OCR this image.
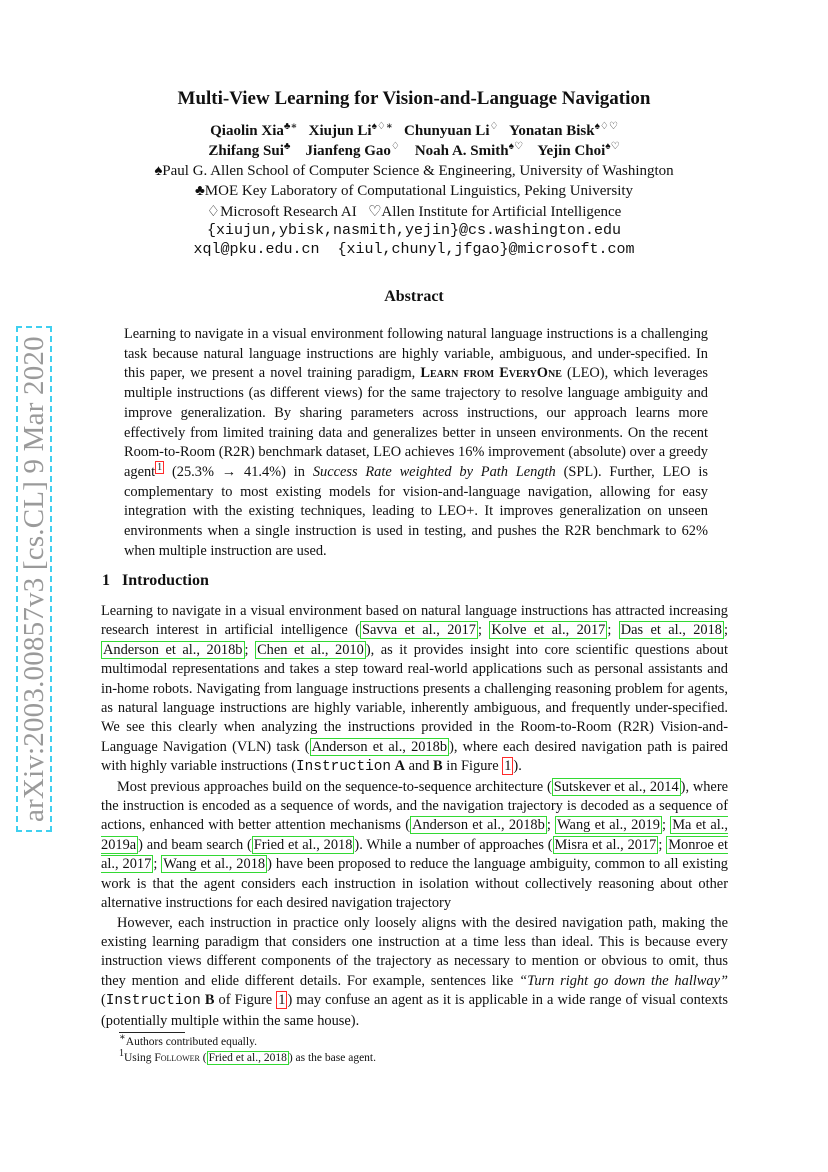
arXiv:2003.00857v3 [cs.CL] 9 Mar 2020
Multi-View Learning for Vision-and-Language Navigation
Qiaolin Xia♣∗ Xiujun Li♠♢∗ Chunyuan Li♢ Yonatan Bisk♠♢♡
Zhifang Sui♣ Jianfeng Gao♢ Noah A. Smith♠♡ Yejin Choi♠♡
♠Paul G. Allen School of Computer Science & Engineering, University of Washington
♣MOE Key Laboratory of Computational Linguistics, Peking University
♢Microsoft Research AI   ♡Allen Institute for Artificial Intelligence
{xiujun,ybisk,nasmith,yejin}@cs.washington.edu
xql@pku.edu.cn  {xiul,chunyl,jfgao}@microsoft.com
Abstract
Learning to navigate in a visual environment following natural language instructions is a challenging task because natural language instructions are highly variable, ambiguous, and under-specified. In this paper, we present a novel training paradigm, Learn from EveryOne (LEO), which leverages multiple instructions (as different views) for the same trajectory to resolve language ambiguity and improve generalization. By sharing parameters across instructions, our approach learns more effectively from limited training data and generalizes better in unseen environments. On the recent Room-to-Room (R2R) benchmark dataset, LEO achieves 16% improvement (absolute) over a greedy agent $^1$ (25.3% → 41.4%) in Success Rate weighted by Path Length (SPL). Further, LEO is complementary to most existing models for vision-and-language navigation, allowing for easy integration with the existing techniques, leading to LEO+. It improves generalization on unseen environments when a single instruction is used in testing, and pushes the R2R benchmark to 62% when multiple instruction are used.
1 Introduction

Learning to navigate in a visual environment based on natural language instructions has attracted increasing research interest in artificial intelligence ( Savva et al., 2017 ; Kolve et al., 2017 ; Das et al., 2018 ; Anderson et al., 2018b ; Chen et al., 2010 ), as it provides insight into core scientific questions about multimodal representations and takes a step toward real-world applications such as personal assistants and in-home robots. Navigating from language instructions presents a challenging reasoning problem for agents, as natural language instructions are highly variable, inherently ambiguous, and frequently under-specified. We see this clearly when analyzing the instructions provided in the Room-to-Room (R2R) Vision-and-Language Navigation (VLN) task ( Anderson et al., 2018b ), where each desired navigation path is paired with highly variable instructions (Instruction A and B in Figure 1 ).

Most previous approaches build on the sequence-to-sequence architecture ( Sutskever et al., 2014 ), where the instruction is encoded as a sequence of words, and the navigation trajectory is decoded as a sequence of actions, enhanced with better attention mechanisms ( Anderson et al., 2018b ; Wang et al., 2019 ; Ma et al., 2019a ) and beam search ( Fried et al., 2018 ). While a number of approaches ( Misra et al., 2017 ; Monroe et al., 2017 ; Wang et al., 2018 ) have been proposed to reduce the language ambiguity, common to all existing work is that the agent considers each instruction in isolation without collectively reasoning about other alternative instructions for each desired navigation trajectory

However, each instruction in practice only loosely aligns with the desired navigation path, making the existing learning paradigm that considers one instruction at a time less than ideal. This is because every instruction views different components of the trajectory as necessary to mention or obvious to omit, thus they mention and elide different details. For example, sentences like “Turn right go down the hallway” (Instruction B of Figure 1 ) may confuse an agent as it is applicable in a wide range of visual contexts (potentially multiple within the same house).

∗Authors contributed equally.
$^1$Using Follower ( Fried et al., 2018 ) as the base agent.
